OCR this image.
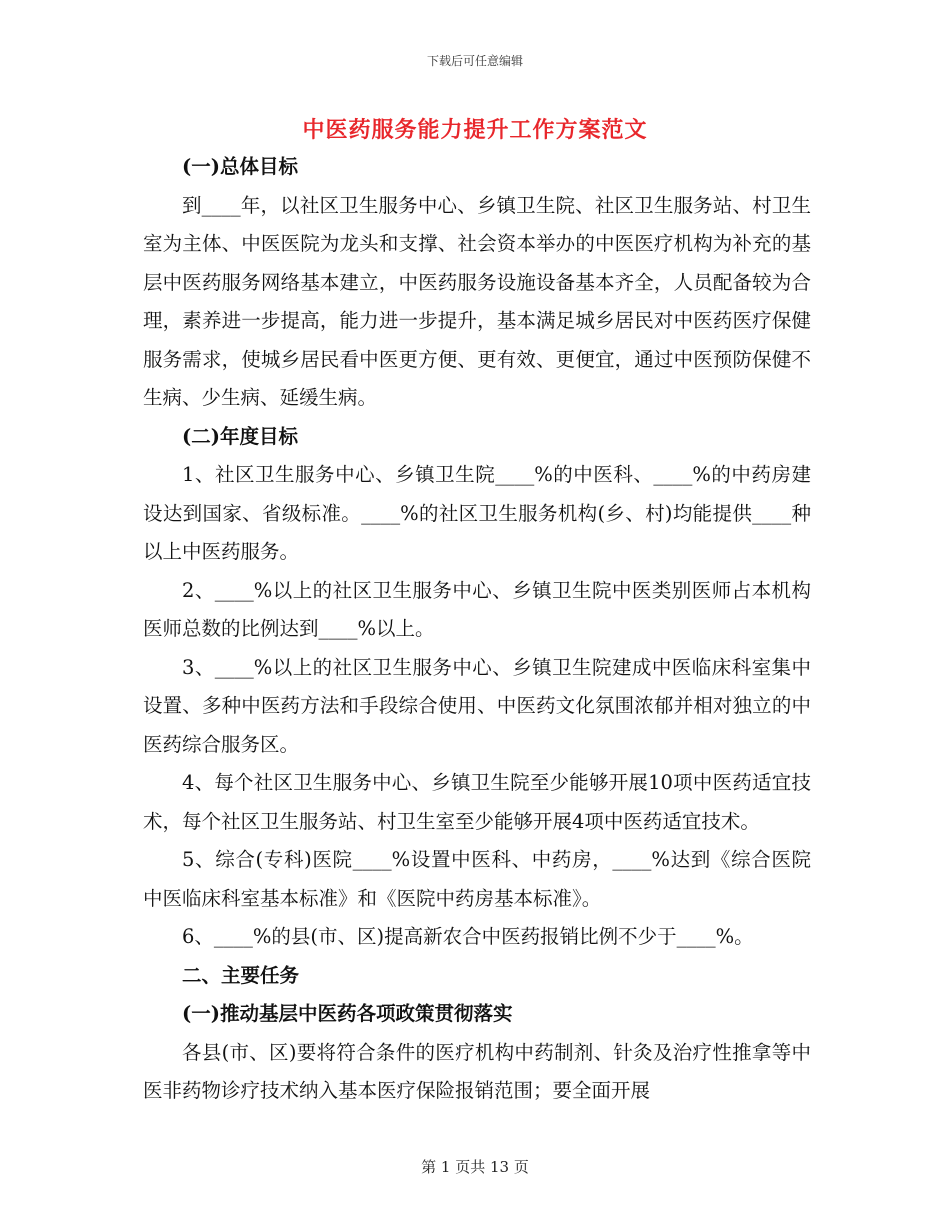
下载后可任意编辑
中医药服务能力提升工作方案范文

(一)总体目标

到____年，以社区卫生服务中心、乡镇卫生院、社区卫生服务站、村卫生室为主体、中医医院为龙头和支撑、社会资本举办的中医医疗机构为补充的基层中医药服务网络基本建立，中医药服务设施设备基本齐全，人员配备较为合理，素养进一步提高，能力进一步提升，基本满足城乡居民对中医药医疗保健服务需求，使城乡居民看中医更方便、更有效、更便宜，通过中医预防保健不生病、少生病、延缓生病。

(二)年度目标

1、社区卫生服务中心、乡镇卫生院____%的中医科、____%的中药房建设达到国家、省级标准。____%的社区卫生服务机构(乡、村)均能提供____种以上中医药服务。

2、____%以上的社区卫生服务中心、乡镇卫生院中医类别医师占本机构医师总数的比例达到____%以上。

3、____%以上的社区卫生服务中心、乡镇卫生院建成中医临床科室集中设置、多种中医药方法和手段综合使用、中医药文化氛围浓郁并相对独立的中医药综合服务区。

4、每个社区卫生服务中心、乡镇卫生院至少能够开展10项中医药适宜技术，每个社区卫生服务站、村卫生室至少能够开展4项中医药适宜技术。

5、综合(专科)医院____%设置中医科、中药房，____%达到《综合医院中医临床科室基本标准》和《医院中药房基本标准》。

6、____%的县(市、区)提高新农合中医药报销比例不少于____%。

二、主要任务

(一)推动基层中医药各项政策贯彻落实

各县(市、区)要将符合条件的医疗机构中药制剂、针灸及治疗性推拿等中医非药物诊疗技术纳入基本医疗保险报销范围；要全面开展

第 1 页共 13 页
